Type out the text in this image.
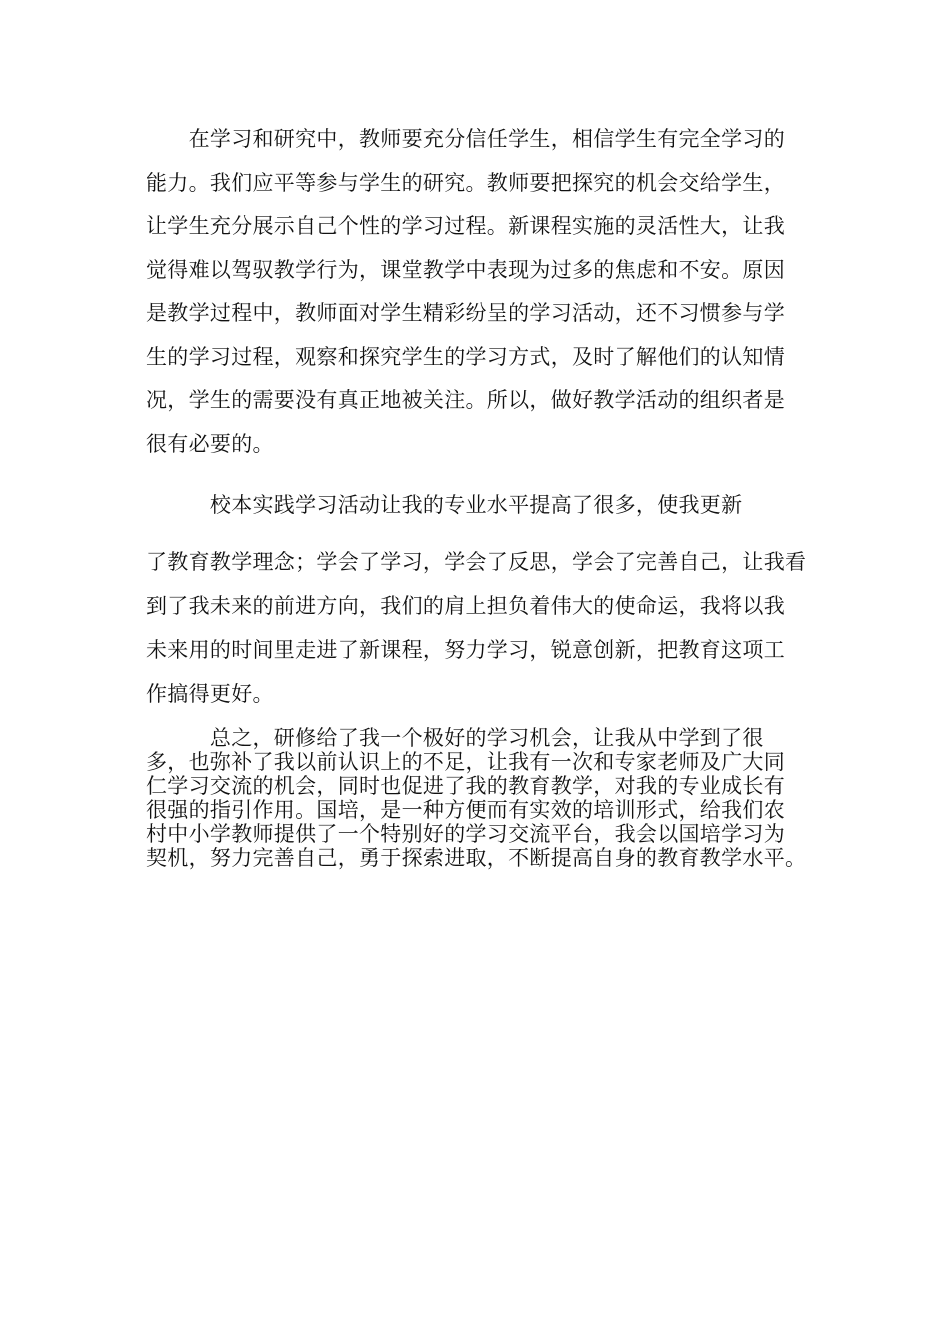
　　在学习和研究中，教师要充分信任学生，相信学生有完全学习的
能力。我们应平等参与学生的研究。教师要把探究的机会交给学生，
让学生充分展示自己个性的学习过程。新课程实施的灵活性大，让我
觉得难以驾驭教学行为，课堂教学中表现为过多的焦虑和不安。原因
是教学过程中，教师面对学生精彩纷呈的学习活动，还不习惯参与学
生的学习过程，观察和探究学生的学习方式，及时了解他们的认知情
况，学生的需要没有真正地被关注。所以，做好教学活动的组织者是
很有必要的。
　　　校本实践学习活动让我的专业水平提高了很多，使我更新
了教育教学理念；学会了学习，学会了反思，学会了完善自己，让我看
到了我未来的前进方向，我们的肩上担负着伟大的使命运，我将以我
未来用的时间里走进了新课程，努力学习，锐意创新，把教育这项工
作搞得更好。
　　　总之，研修给了我一个极好的学习机会，让我从中学到了很
多，也弥补了我以前认识上的不足，让我有一次和专家老师及广大同
仁学习交流的机会，同时也促进了我的教育教学，对我的专业成长有
很强的指引作用。国培，是一种方便而有实效的培训形式，给我们农
村中小学教师提供了一个特别好的学习交流平台，我会以国培学习为
契机，努力完善自己，勇于探索进取，不断提高自身的教育教学水平。
